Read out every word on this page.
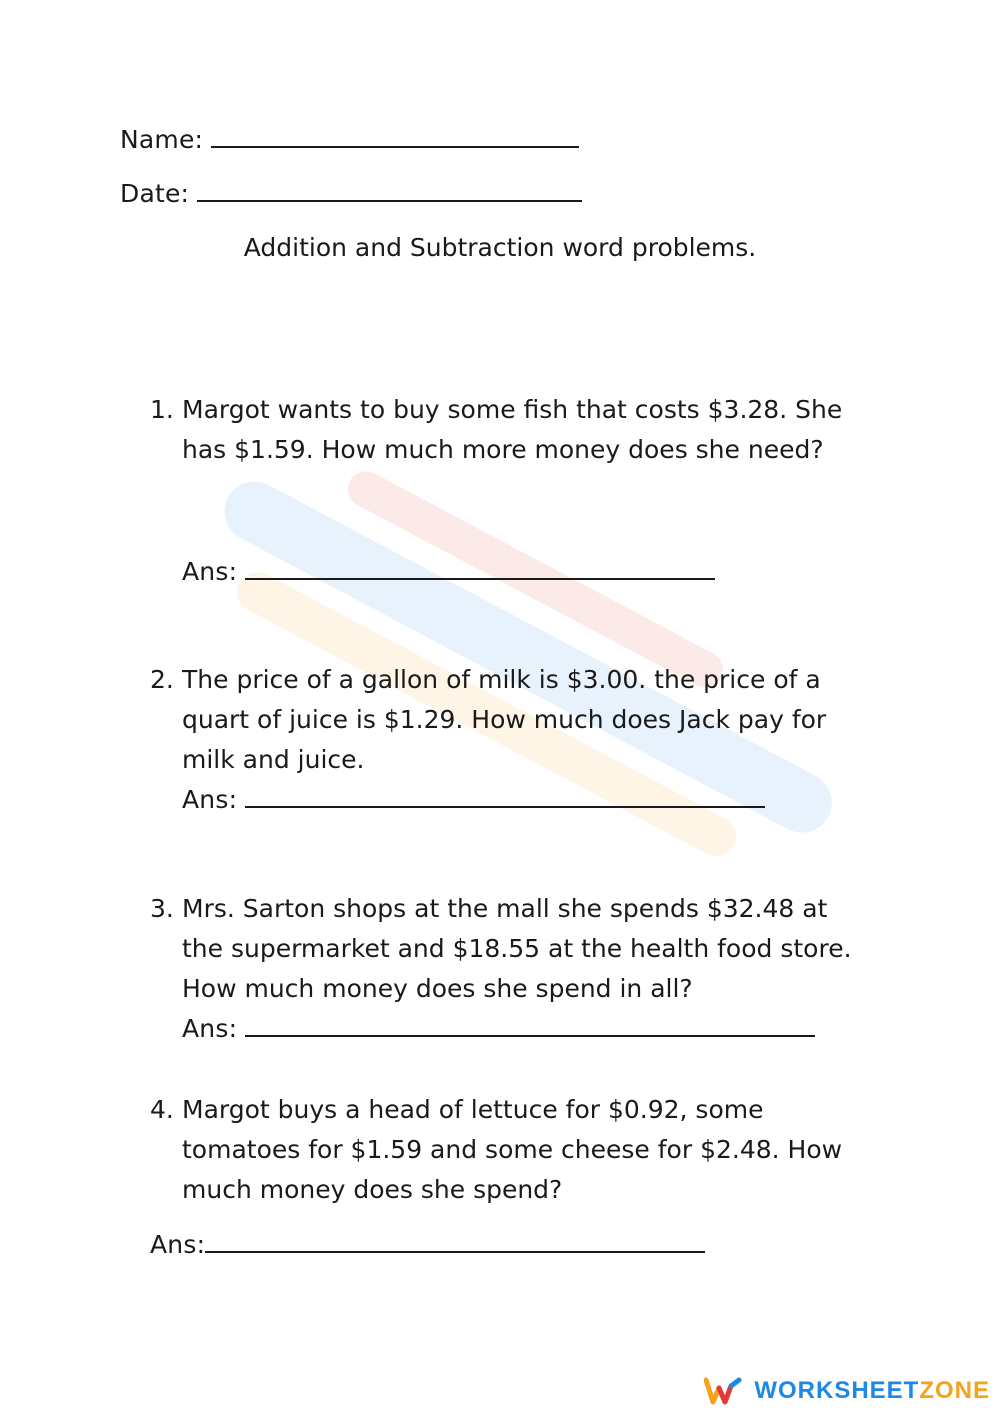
Name:
Date:
Addition and Subtraction word problems.
1. Margot wants to buy some fish that costs $3.28. She
has $1.59. How much more money does she need?
Ans:
2. The price of a gallon of milk is $3.00. the price of a
quart of juice is $1.29. How much does Jack pay for
milk and juice.
Ans:
3. Mrs. Sarton shops at the mall she spends $32.48 at
the supermarket and $18.55 at the health food store.
How much money does she spend in all?
Ans:
4. Margot buys a head of lettuce for $0.92, some
tomatoes for $1.59 and some cheese for $2.48. How
much money does she spend?
Ans:
WORKSHEETZONE
